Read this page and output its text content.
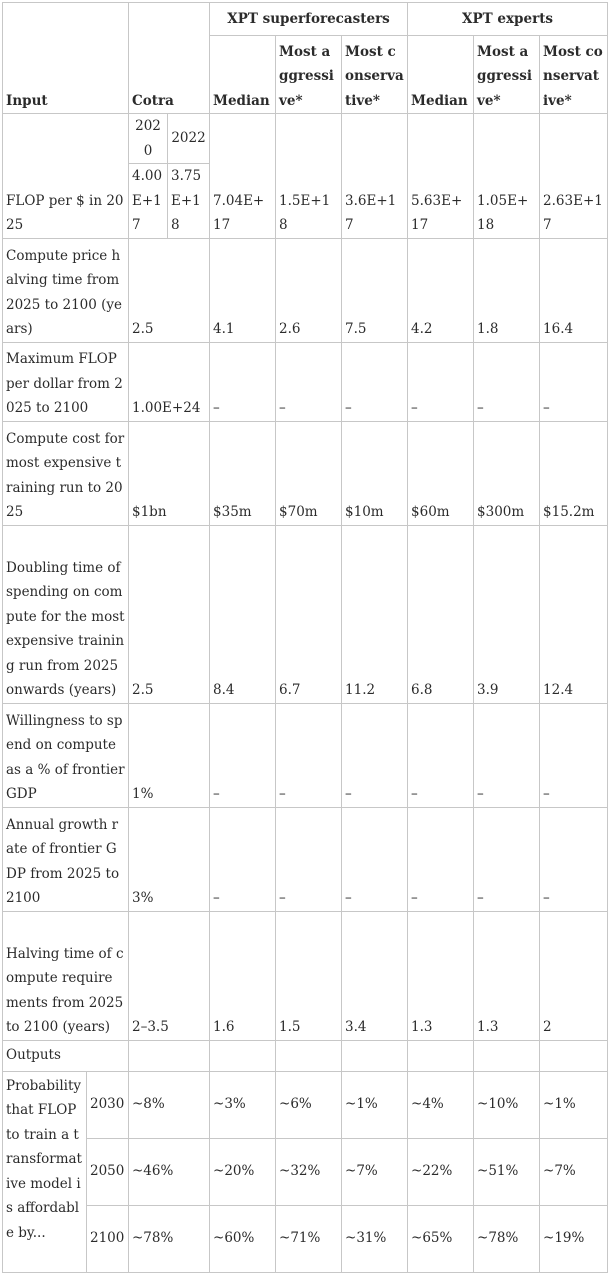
Input		Cotra		XPT superforecasters			XPT experts		
				Median	Most aggressive*	Most conservative*	Median	Most aggressive*	Most conservative*

FLOP per $ in 2025		2020	2022	7.04E+17	1.5E+18	3.6E+17	5.63E+17	1.05E+18	2.63E+17
		4.00E+17	3.75E+18						
Compute price halving time from 2025 to 2100 (years)		2.5		4.1	2.6	7.5	4.2	1.8	16.4
Maximum FLOP per dollar from 2025 to 2100		1.00E+24		–	–	–	–	–	–
Compute cost for most expensive training run to 2025		$1bn		$35m	$70m	$10m	$60m	$300m	$15.2m
Doubling time of spending on compute for the most expensive training run from 2025 onwards (years)		2.5		8.4	6.7	11.2	6.8	3.9	12.4
Willingness to spend on compute as a % of frontier GDP		1%		–	–	–	–	–	–
Annual growth rate of frontier GDP from 2025 to 2100		3%		–	–	–	–	–	–
Halving time of compute requirements from 2025 to 2100 (years)		2–3.5		1.6	1.5	3.4	1.3	1.3	2
Outputs									
Probability that FLOP to train a transformative model is affordable by...	2030	~8%		~3%	~6%	~1%	~4%	~10%	~1%
	2050	~46%		~20%	~32%	~7%	~22%	~51%	~7%
	2100	~78%		~60%	~71%	~31%	~65%	~78%	~19%
